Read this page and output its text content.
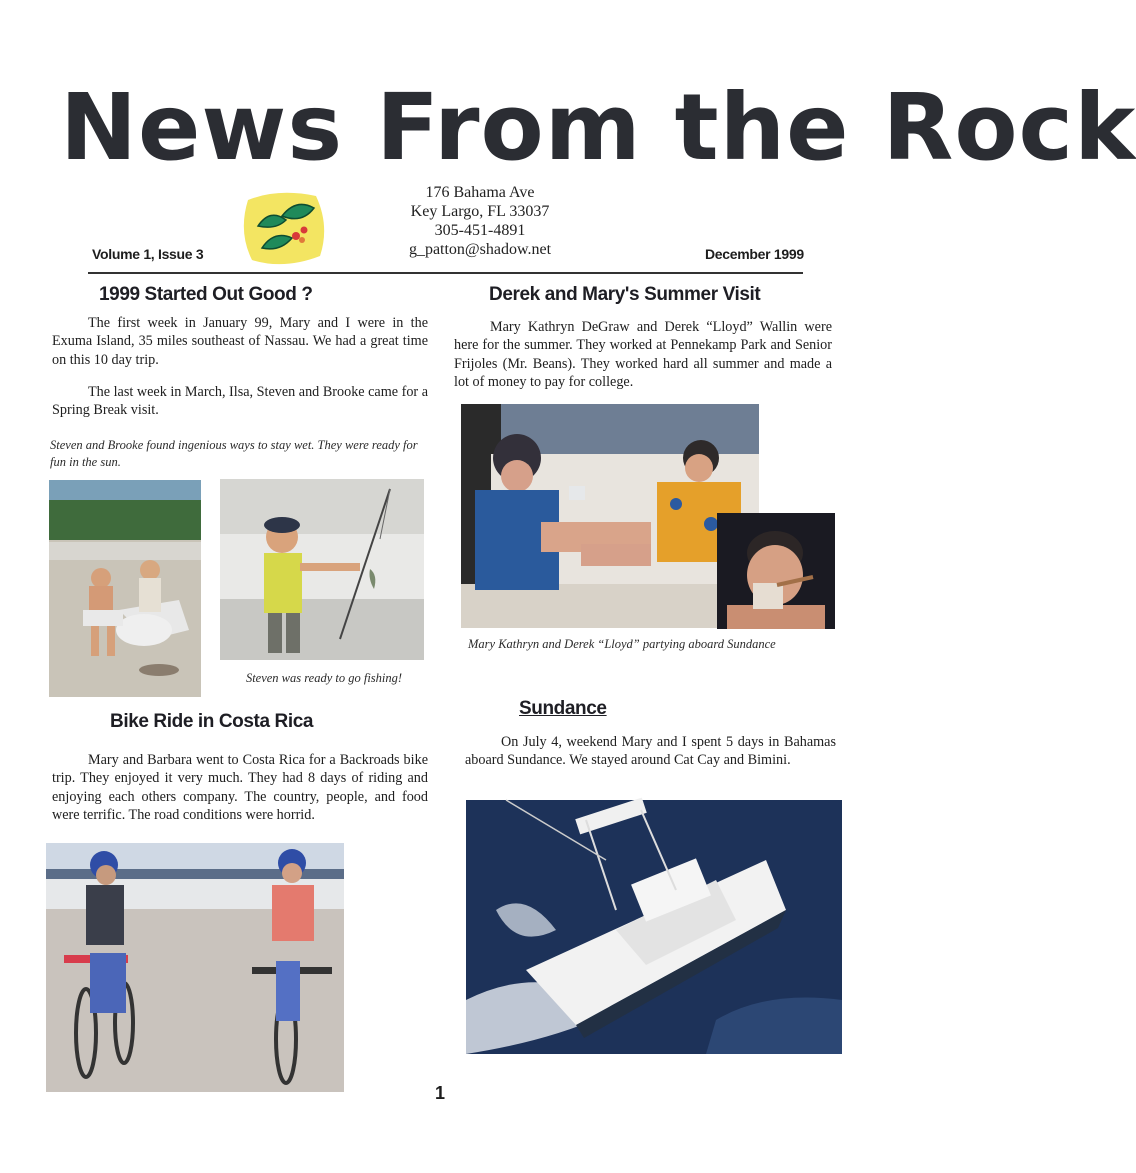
News From the Rock
176 Bahama Ave
Key Largo, FL 33037
305-451-4891
g_patton@shadow.net
Volume 1, Issue 3	December 1999
1999 Started Out Good ?
The first week in January 99, Mary and I were in the Exuma Island, 35 miles southeast of Nassau. We had a great time on this 10 day trip.
The last week in March, Ilsa, Steven and Brooke came for a Spring Break visit.
Steven and Brooke found ingenious ways to stay wet. They were ready for fun in the sun.
Steven was ready to go fishing!
Bike Ride in Costa Rica
Mary and Barbara went to Costa Rica for a Backroads bike trip. They enjoyed it very much. They had 8 days of riding and enjoying each others company. The country, people, and food were terrific. The road conditions were horrid.
Derek and Mary's Summer Visit
Mary Kathryn DeGraw and Derek “Lloyd” Wallin were here for the summer. They worked at Pennekamp Park and Senior Frijoles (Mr. Beans). They worked hard all summer and made a lot of money to pay for college.
Mary Kathryn and Derek “Lloyd” partying aboard Sundance
Sundance
On July 4, weekend Mary and I spent 5 days in Bahamas aboard Sundance. We stayed around Cat Cay and Bimini.
1
